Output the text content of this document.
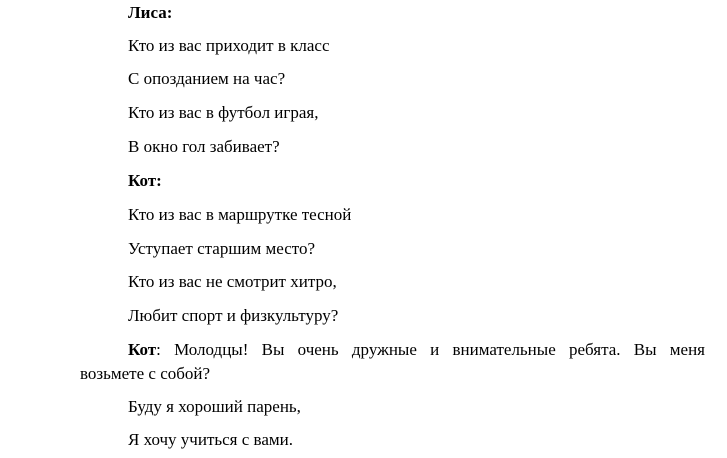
Лиса:
Кто из вас приходит в класс
С опозданием на час?
Кто из вас в футбол играя,
В окно гол забивает?
Кот:
Кто из вас в маршрутке тесной
Уступает старшим место?
Кто из вас не смотрит хитро,
Любит спорт и физкультуру?
Кот: Молодцы! Вы очень дружные и внимательные ребята. Вы меня
возьмете с собой?
Буду я хороший парень,
Я хочу учиться с вами.
